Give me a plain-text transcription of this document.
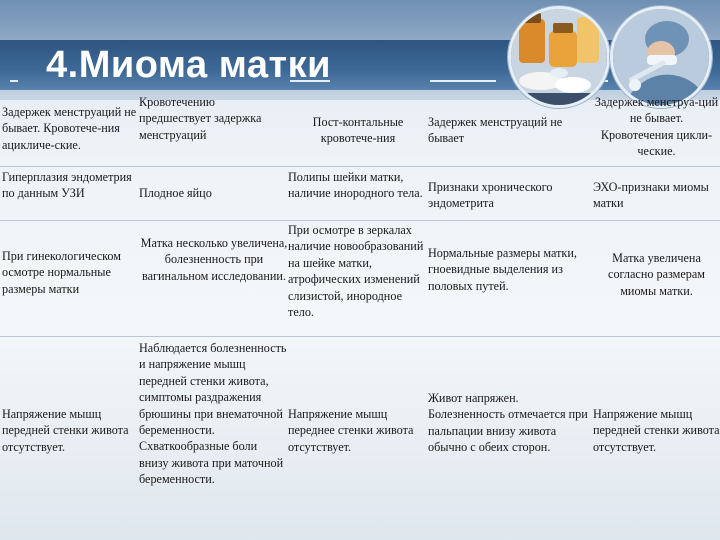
4.Миома матки
Задержек менструаций не бывает. Кровотече-ния ацикличе-ские.
Кровотечению предшествует задержка менструаций
Пост-контальные кровотече-ния
Задержек менструаций не бывает
Задержек менструа-ций не бывает. Кровотечения цикли-ческие.
Гиперплазия эндометрия по данным УЗИ	Плодное яйцо
Полипы шейки матки, наличие инородного тела. Признаки хронического эндометрита
ЭХО-признаки миомы матки
При гинекологическом осмотре нормальные размеры матки
Матка несколько увеличена, болезненность при вагинальном исследовании.
При осмотре в зеркалах наличие новообразований на шейке матки, атрофических изменений слизистой, инородное тело.
Нормальные размеры матки, гноевидные выделения из половых путей.
Матка увеличена согласно размерам миомы матки.
Напряжение мышц передней стенки живота отсутствует.
Наблюдается болезненность и напряжение мышц передней стенки живота, симптомы раздражения брюшины при внематочной беременности. Схваткообразные боли внизу живота при маточной беременности.
Напряжение мышц переднее стенки живота отсутствует.
Живот напряжен. Болезненность отмечается при пальпации внизу живота обычно с обеих сторон.
Напряжение мышц передней стенки живота отсутствует.
